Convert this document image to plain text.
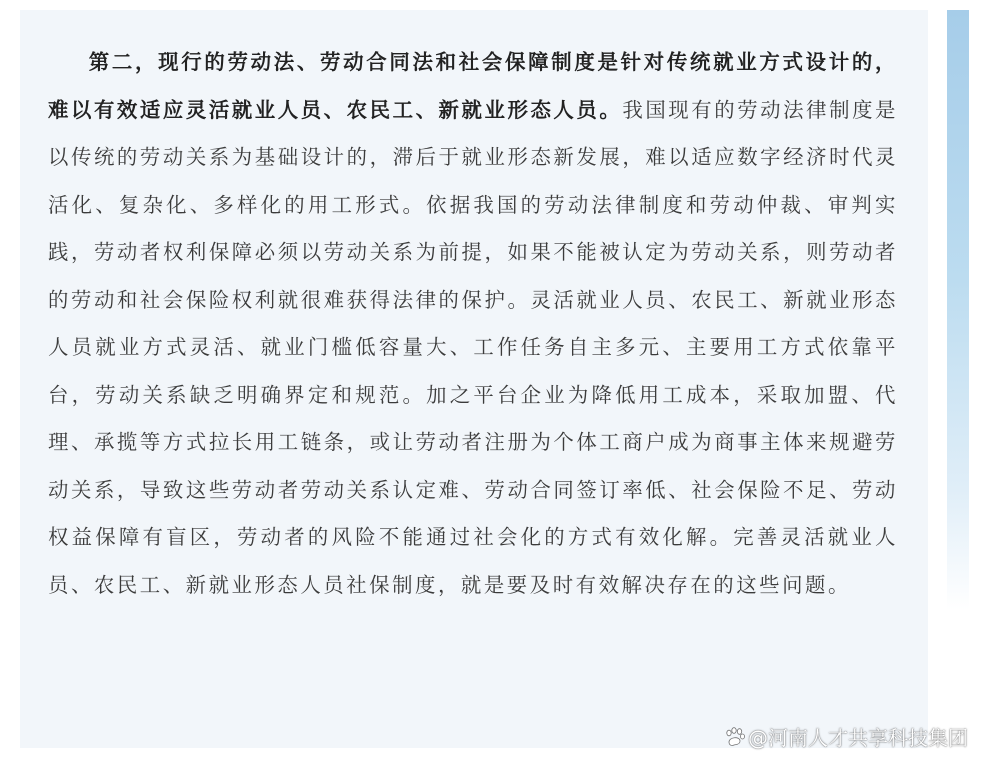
第二，现行的劳动法、劳动合同法和社会保障制度是针对传统就业方式设计的，难以有效适应灵活就业人员、农民工、新就业形态人员。我国现有的劳动法律制度是以传统的劳动关系为基础设计的，滞后于就业形态新发展，难以适应数字经济时代灵活化、复杂化、多样化的用工形式。依据我国的劳动法律制度和劳动仲裁、审判实践，劳动者权利保障必须以劳动关系为前提，如果不能被认定为劳动关系，则劳动者的劳动和社会保险权利就很难获得法律的保护。灵活就业人员、农民工、新就业形态人员就业方式灵活、就业门槛低容量大、工作任务自主多元、主要用工方式依靠平台，劳动关系缺乏明确界定和规范。加之平台企业为降低用工成本，采取加盟、代理、承揽等方式拉长用工链条，或让劳动者注册为个体工商户成为商事主体来规避劳动关系，导致这些劳动者劳动关系认定难、劳动合同签订率低、社会保险不足、劳动权益保障有盲区，劳动者的风险不能通过社会化的方式有效化解。完善灵活就业人员、农民工、新就业形态人员社保制度，就是要及时有效解决存在的这些问题。

@河南人才共享科技集团
